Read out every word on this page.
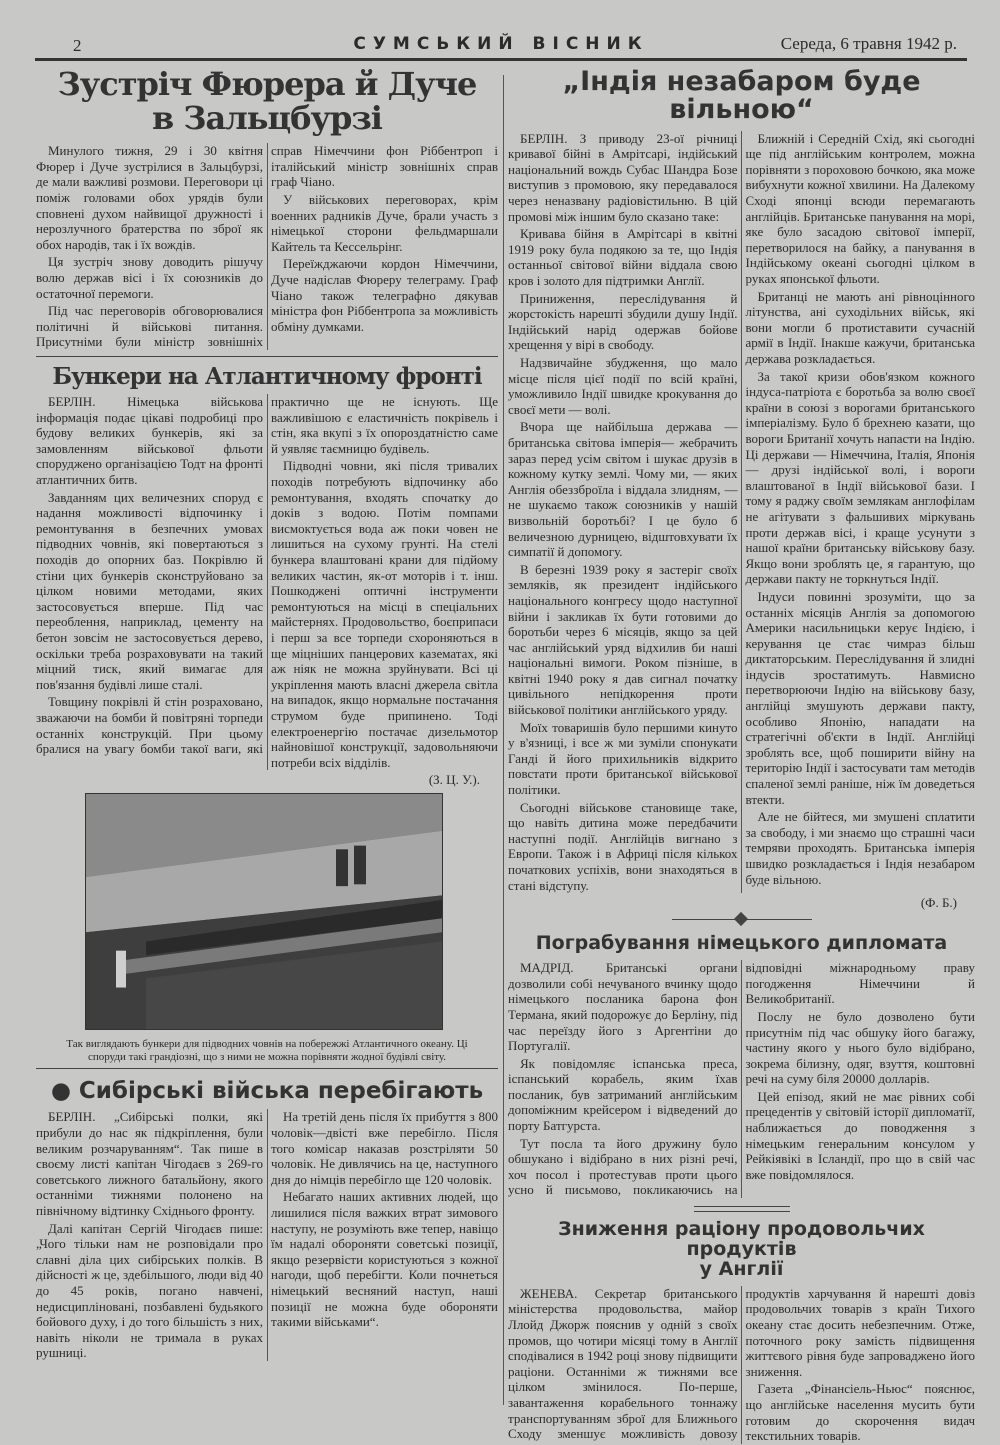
2	СУМСЬКИЙ ВІСНИК	Середа, 6 травня 1942 р.
Зустріч Фюрера й Дуче
в Зальцбурзі

Минулого тижня, 29 і 30 квітня Фюрер і Дуче зустрілися в Зальцбурзі, де мали важливі розмови. Переговори ці поміж головами обох урядів були сповнені духом найвищої дружності і нерозлучного братерства по зброї як обох народів, так і їх вождів.

Ця зустріч знову доводить рішучу волю держав вісі і їх союзників до остаточної перемоги.

Під час переговорів обговорювалися політичні й військові питання. Присутніми були міністр зовнішніх справ Німеччини фон Ріббентроп і італійський міністр зовнішніх справ граф Чіано.

У військових переговорах, крім военних радників Дуче, брали участь з німецької сторони фельдмаршали Кайтель та Кессельрінг.

Переїжджаючи кордон Німеччини, Дуче надіслав Фюреру телеграму. Граф Чіано також телеграфно дякував міністра фон Ріббентропа за можливість обміну думками.

Бункери на Атлантичному фронті

БЕРЛІН. Німецька військова інформація подає цікаві подробиці про будову великих бункерів, які за замовленням військової фльоти споруджено організацією Тодт на фронті атлантичних битв.

Завданням цих величезних споруд є надання можливості відпочинку і ремонтування в безпечних умовах підводних човнів, які повертаються з походів до опорних баз. Покрівлю й стіни цих бункерів сконструйовано за цілком новими методами, яких застосовується вперше. Під час переоблення, наприклад, цементу на бетон зовсім не застосовується дерево, оскільки треба розраховувати на такий міцний тиск, який вимагає для пов'язання будівлі лише сталі.

Товщину покрівлі й стін розраховано, зважаючи на бомби й повітряні торпеди останніх конструкцій. При цьому бралися на увагу бомби такої ваги, які практично ще не існують. Ще важливішою є еластичність покрівель і стін, яка вкупі з їх опороздатністю саме й уявляє таємницю будівель.

Підводні човни, які після тривалих походів потребують відпочинку або ремонтування, входять спочатку до доків з водою. Потім помпами висмоктується вода аж поки човен не лишиться на сухому грунті. На стелі бункера влаштовані крани для підйому великих частин, як-от моторів і т. інш. Пошкоджені оптичні інструменти ремонтуються на місці в спеціальних майстернях. Продовольство, боєприпаси і перш за все торпеди схороняються в ще міцніших панцерових казематах, які аж ніяк не можна зруйнувати. Всі ці укріплення мають власні джерела світла на випадок, якщо нормальне постачання струмом буде припинено. Тоді електроенергію постачає дизельмотор найновішої конструкції, задовольняючи потреби всіх відділів.

(З. Ц. У.).
Так виглядають бункери для підводних човнів на побережжі Атлантичного океану. Ці споруди такі грандіозні, що з ними не можна порівняти жодної будівлі світу.
● Сибірські війська перебігають

БЕРЛІН. „Сибірські полки, які прибули до нас як підкріплення, були великим розчаруванням“. Так пише в своєму листі капітан Чігодаєв з 269-го советського лижного батальйону, якого останніми тижнями полонено на північному відтинку Східнього фронту.

Далі капітан Сергій Чігодаєв пише: „Чого тільки нам не розповідали про славні діла цих сибірських полків. В дійсності ж це, здебільшого, люди від 40 до 45 років, погано навчені, недисципліновані, позбавлені будьякого бойового духу, і до того більшість з них, навіть ніколи не тримала в руках рушниці.

На третій день після їх прибуття з 800 чоловік—двісті вже перебігло. Після того комісар наказав розстріляти 50 чоловік. Не дивлячись на це, наступного дня до німців перебігло ще 120 чоловік.

Небагато наших активних людей, що лишилися після важких втрат зимового наступу, не розуміють вже тепер, навіщо їм надалі обороняти советські позиції, якщо резервісти користуються з кожної нагоди, щоб перебігти. Коли почнеться німецький весняний наступ, наші позиції не можна буде обороняти такими військами“.

„Індія незабаром буде вільною“

БЕРЛІН. З приводу 23-ої річниці кривавої бійні в Амрітсарі, індійський національний вождь Субас Шандра Бозе виступив з промовою, яку передавалося через неназвану радіовістильню. В цій промові між іншим було сказано таке:

Кривава бійня в Амрітсарі в квітні 1919 року була подякою за те, що Індія останньої світової війни віддала свою кров і золото для підтримки Англії.

Приниження, переслідування й жорстокість нарешті збудили душу Індії. Індійський нарід одержав бойове хрещення у вірі в свободу.

Надзвичайне збудження, що мало місце після цієї події по всій країні, уможливило Індії швидке крокування до своєї мети — волі.

Вчора ще найбільша держава — британська світова імперія— жебрачить зараз перед усім світом і шукає друзів в кожному кутку землі. Чому ми, — яких Англія обеззброїла і віддала злидням, — не шукаємо також союзників у нашій визвольній боротьбі? І це було б величезною дурницею, відштовхувати їх симпатії й допомогу.

В березні 1939 року я застеріг своїх земляків, як президент індійського національного конгресу щодо наступної війни і закликав їх бути готовими до боротьби через 6 місяців, якщо за цей час англійський уряд відхилив би наші національні вимоги. Роком пізніше, в квітні 1940 року я дав сигнал початку цивільного непідкорення проти військової політики англійського уряду.

Моїх товаришів було першими кинуто у в'язниці, і все ж ми зуміли спонукати Ганді й його прихильників відкрито повстати проти британської військової політики.

Сьогодні військове становище таке, що навіть дитина може передбачити наступні події. Англійців вигнано з Европи. Також і в Африці після кількох початкових успіхів, вони знаходяться в стані відступу.

Ближній і Середній Схід, які сьогодні ще під англійським контролем, можна порівняти з пороховою бочкою, яка може вибухнути кожної хвилини. На Далекому Сході японці всюди перемагають англійців. Британське панування на морі, яке було засадою світової імперії, перетворилося на байку, а панування в Індійському океані сьогодні цілком в руках японської фльоти.

Британці не мають ані рівноцінного літунства, ані суходільних військ, які вони могли б протиставити сучасній армії в Індії. Інакше кажучи, британська держава розкладається.

За такої кризи обов'язком кожного індуса-патріота є боротьба за волю своєї країни в союзі з ворогами британського імперіалізму. Було б брехнею казати, що вороги Британії хочуть напасти на Індію. Ці держави — Німеччина, Італія, Японія — друзі індійської волі, і вороги влаштованої в Індії військової бази. І тому я раджу своїм землякам англофілам не агітувати з фальшивих міркувань проти держав вісі, і краще усунути з нашої країни британську військову базу. Якщо вони зроблять це, я гарантую, що держави пакту не торкнуться Індії.

Індуси повинні зрозуміти, що за останніх місяців Англія за допомогою Америки насильницьки керує Індією, і керування це стає чимраз більш диктаторським. Переслідування й злидні індусів зростатимуть. Навмисно перетворюючи Індію на військову базу, англійці змушують держави пакту, особливо Японію, нападати на стратегічні об'єкти в Індії. Англійці зроблять все, щоб поширити війну на територію Індії і застосувати там методів спаленої землі раніше, ніж їм доведеться втекти.

Але не бійтеся, ми змушені сплатити за свободу, і ми знаємо що страшні часи темряви проходять. Британська імперія швидко розкладається і Індія незабаром буде вільною.

(Ф. Б.)
Пограбування німецького дипломата

МАДРІД. Британські органи дозволили собі нечуваного вчинку щодо німецького посланика барона фон Термана, який подорожує до Берліну, під час переїзду його з Аргентіни до Португалії.

Як повідомляє іспанська преса, іспанський корабель, яким їхав посланик, був затриманий англійським допоміжним крейсером і відведений до порту Батгурста.

Тут посла та його дружину було обшукано і відібрано в них різні речі, хоч посол і протестував проти цього усно й письмово, покликаючись на відповідні міжнародньому праву погодження Німеччини й Великобританії.

Послу не було дозволено бути присутнім під час обшуку його багажу, частину якого у нього було відібрано, зокрема білизну, одяг, взуття, коштовні речі на суму біля 20000 долларів.

Цей епізод, який не має рівних собі прецедентів у світовій історії дипломатії, наближається до поводження з німецьким генеральним консулом у Рейкіявікі в Ісландії, про що в свій час вже повідомлялося.

Зниження раціону продовольчих продуктів
у Англії

ЖЕНЕВА. Секретар британського міністерства продовольства, майор Ллойд Джорж пояснив у одній з своїх промов, що чотири місяці тому в Англії сподівалися в 1942 році знову підвищити раціони. Останніми ж тижнями все цілком змінилося. По-перше, завантаження корабельного тоннажу транспортуванням зброї для Ближнього Сходу зменшує можливість довозу продуктів харчування й нарешті довіз продовольчих товарів з країн Тихого океану стає досить небезпечним. Отже, поточного року замість підвищення життєвого рівня буде запроваджено його зниження.

Газета „Фінансіель-Ньюс“ пояснює, що англійське населення мусить бути готовим до скорочення видач текстильних товарів.
